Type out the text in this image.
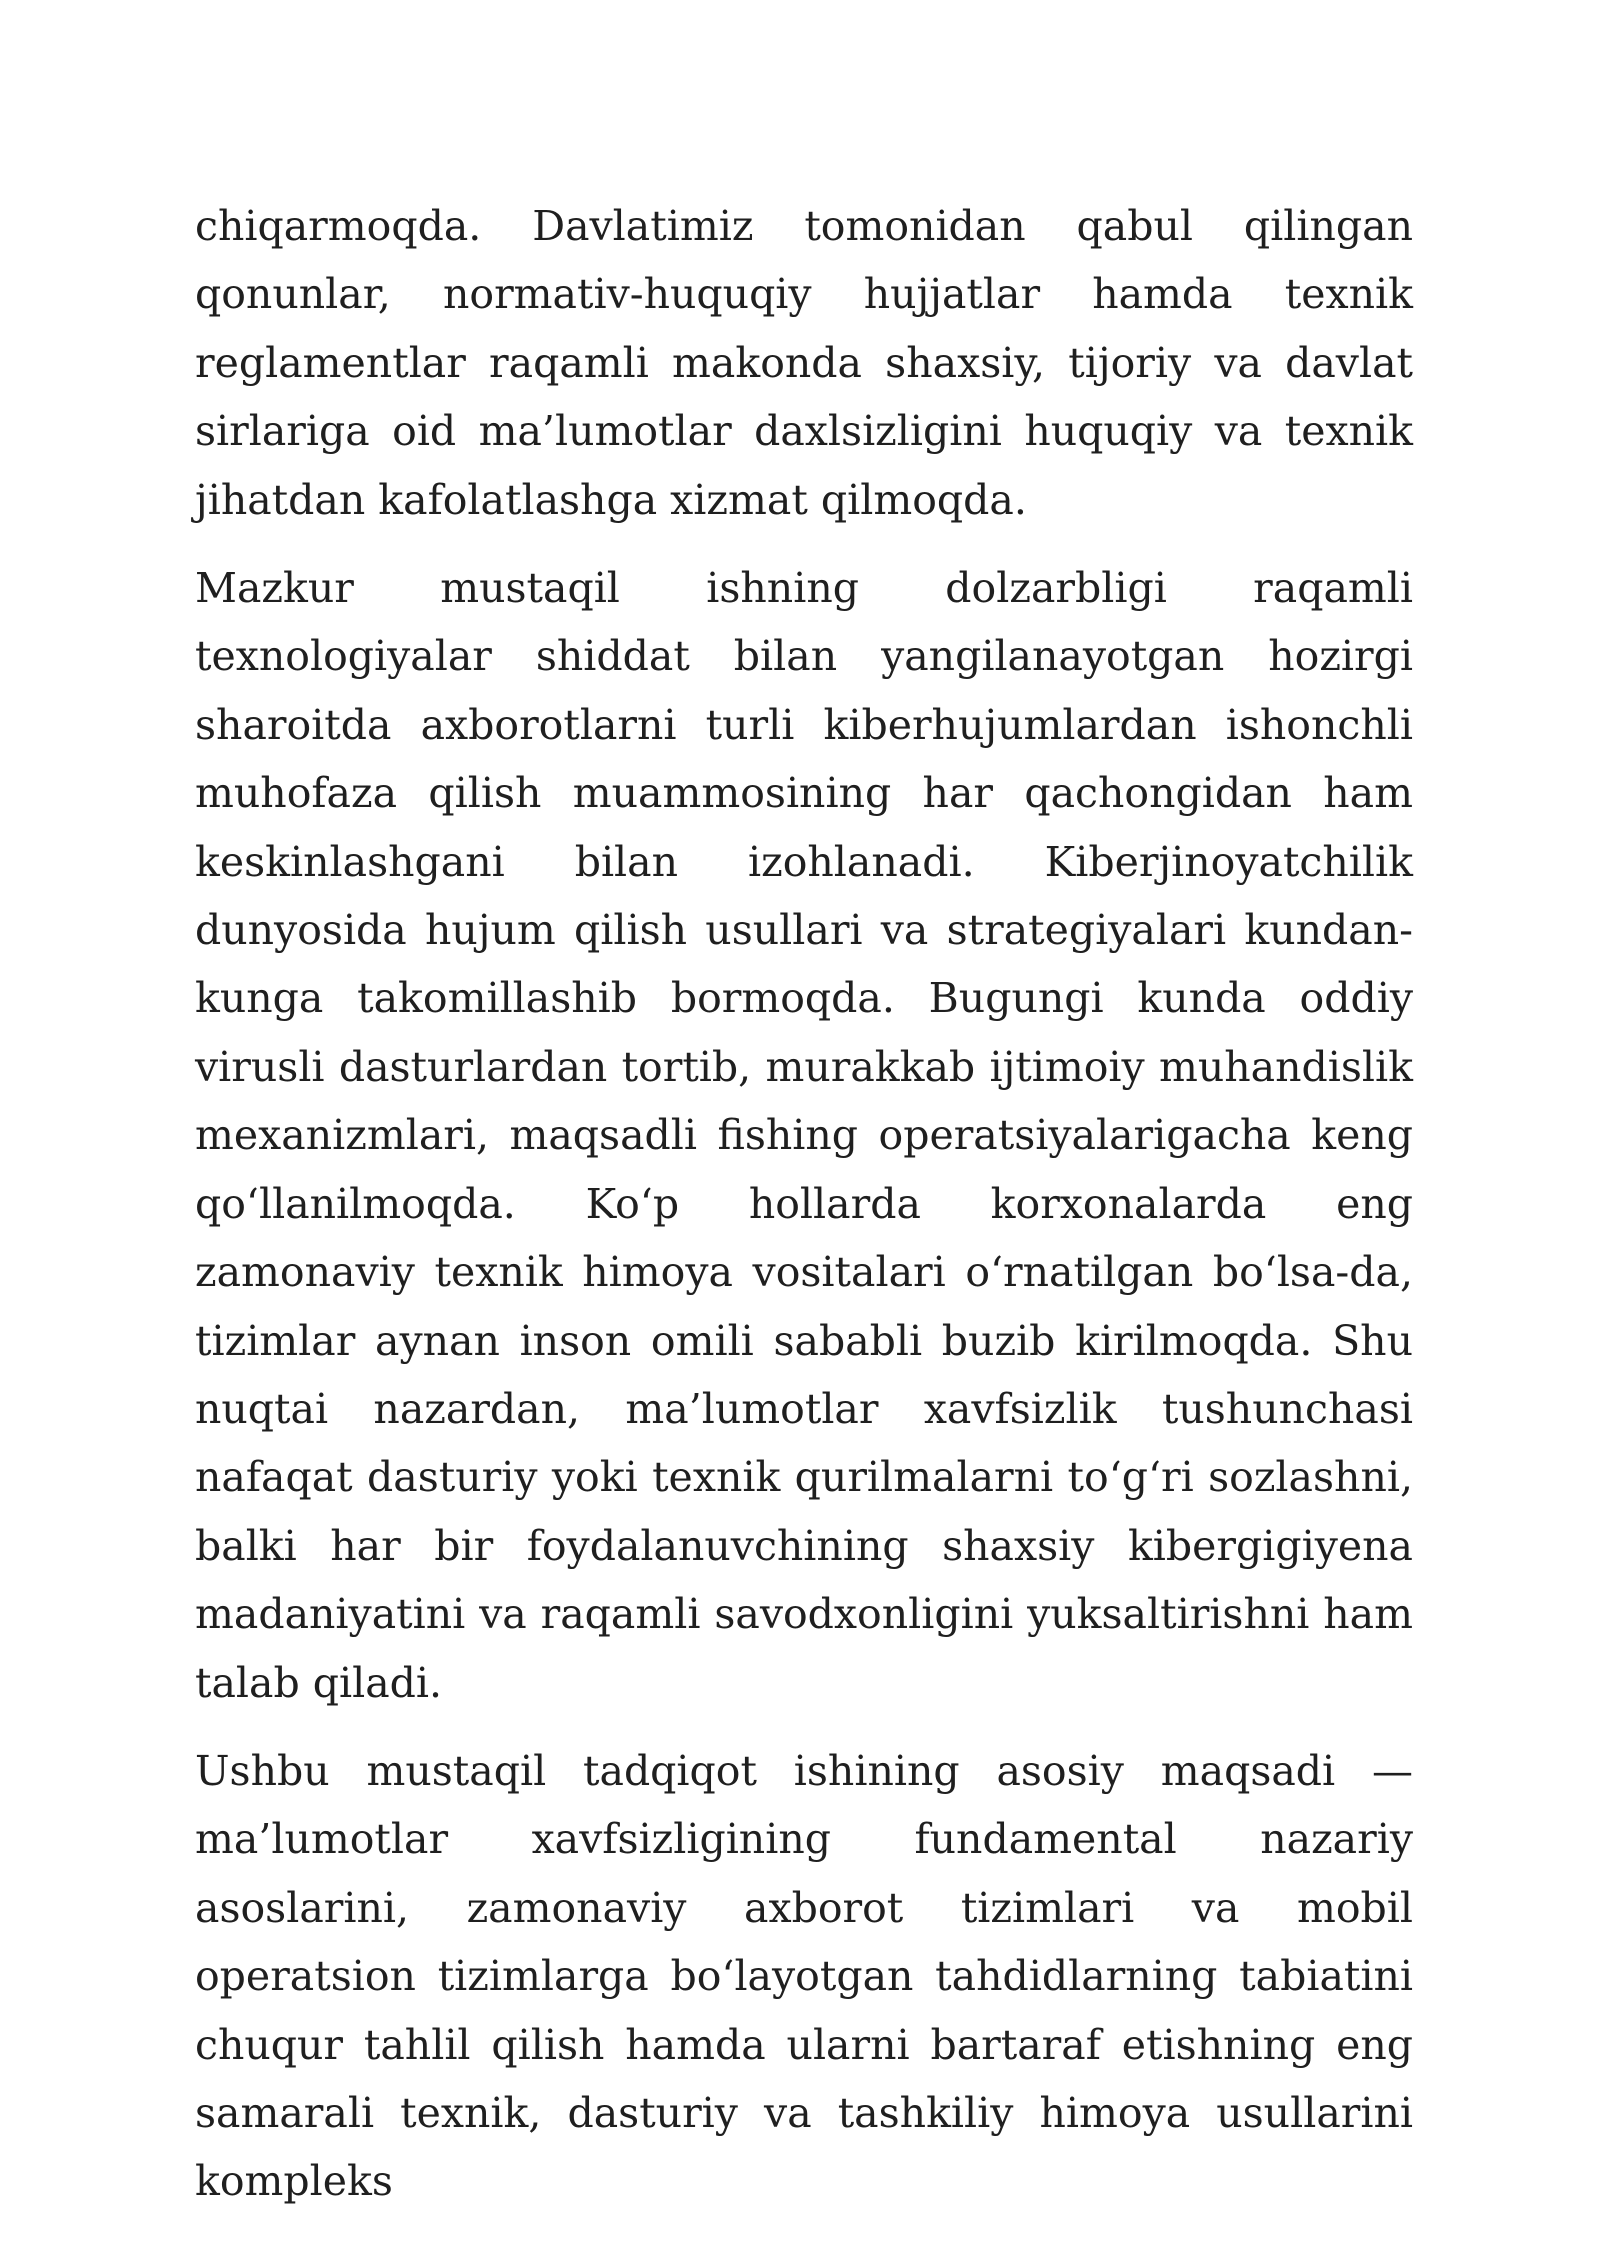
chiqarmoqda. Davlatimiz tomonidan qabul qilingan qonunlar, normativ-huquqiy hujjatlar hamda texnik reglamentlar raqamli makonda shaxsiy, tijoriy va davlat sirlariga oid ma’lumotlar daxlsizligini huquqiy va texnik jihatdan kafolatlashga xizmat qilmoqda.

Mazkur mustaqil ishning dolzarbligi raqamli texnologiyalar shiddat bilan yangilanayotgan hozirgi sharoitda axborotlarni turli kiberhujumlardan ishonchli muhofaza qilish muammosining har qachongidan ham keskinlashgani bilan izohlanadi. Kiberjinoyatchilik dunyosida hujum qilish usullari va strategiyalari kundan-kunga takomillashib bormoqda. Bugungi kunda oddiy virusli dasturlardan tortib, murakkab ijtimoiy muhandislik mexanizmlari, maqsadli fishing operatsiyalarigacha keng qo‘llanilmoqda. Ko‘p hollarda korxonalarda eng zamonaviy texnik himoya vositalari o‘rnatilgan bo‘lsa-da, tizimlar aynan inson omili sababli buzib kirilmoqda. Shu nuqtai nazardan, ma’lumotlar xavfsizlik tushunchasi nafaqat dasturiy yoki texnik qurilmalarni to‘g‘ri sozlashni, balki har bir foydalanuvchining shaxsiy kibergigiyena madaniyatini va raqamli savodxonligini yuksaltirishni ham talab qiladi.

Ushbu mustaqil tadqiqot ishining asosiy maqsadi — ma’lumotlar xavfsizligining fundamental nazariy asoslarini, zamonaviy axborot tizimlari va mobil operatsion tizimlarga bo‘layotgan tahdidlarning tabiatini chuqur tahlil qilish hamda ularni bartaraf etishning eng samarali texnik, dasturiy va tashkiliy himoya usullarini kompleks
